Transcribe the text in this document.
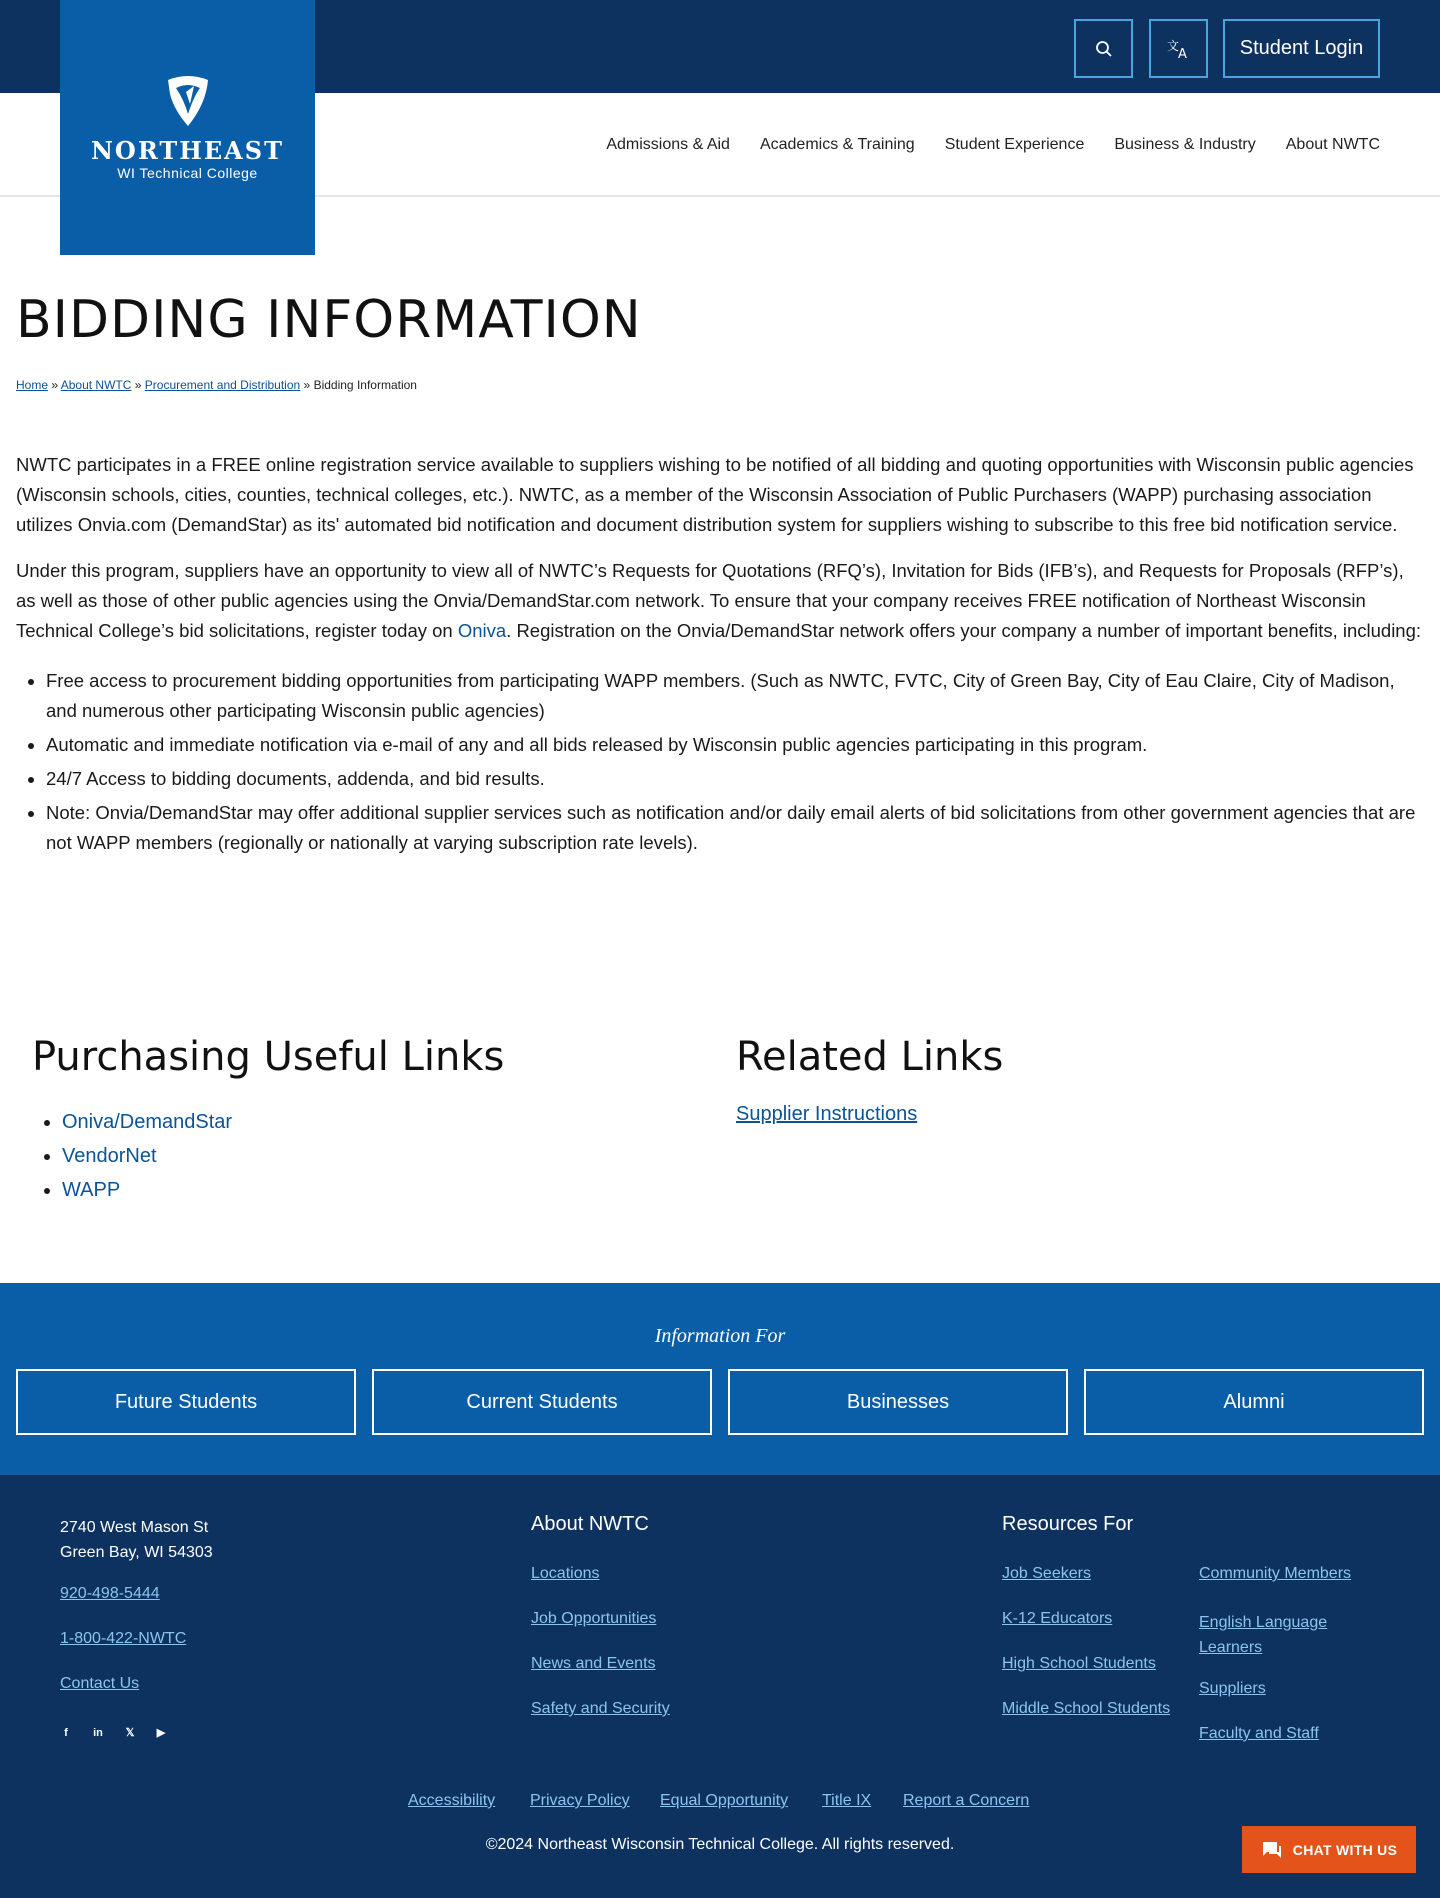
文
A	Student Login
NORTHEAST
WI Technical College
Admissions & Aid Academics & Training Student Experience Business & Industry About NWTC
BIDDING INFORMATION
Home » About NWTC » Procurement and Distribution » Bidding Information

NWTC participates in a FREE online registration service available to suppliers wishing to be notified of all bidding and quoting opportunities with Wisconsin public agencies (Wisconsin schools, cities, counties, technical colleges, etc.). NWTC, as a member of the Wisconsin Association of Public Purchasers (WAPP) purchasing association utilizes Onvia.com (DemandStar) as its' automated bid notification and document distribution system for suppliers wishing to subscribe to this free bid notification service.

Under this program, suppliers have an opportunity to view all of NWTC’s Requests for Quotations (RFQ’s), Invitation for Bids (IFB’s), and Requests for Proposals (RFP’s), as well as those of other public agencies using the Onvia/DemandStar.com network. To ensure that your company receives FREE notification of Northeast Wisconsin Technical College’s bid solicitations, register today on Oniva. Registration on the Onvia/DemandStar network offers your company a number of important benefits, including:

• Free access to procurement bidding opportunities from participating WAPP members. (Such as NWTC, FVTC, City of Green Bay, City of Eau Claire, City of Madison, and numerous other participating Wisconsin public agencies)
• Automatic and immediate notification via e-mail of any and all bids released by Wisconsin public agencies participating in this program.
• 24/7 Access to bidding documents, addenda, and bid results.
• Note: Onvia/DemandStar may offer additional supplier services such as notification and/or daily email alerts of bid solicitations from other government agencies that are not WAPP members (regionally or nationally at varying subscription rate levels).
Purchasing Useful Links
• Oniva/DemandStar
• VendorNet
• WAPP
Related Links
Supplier Instructions
Information For
Future Students	Current Students	Businesses	Alumni
2740 West Mason St
Green Bay, WI 54303
920-498-5444
1-800-422-NWTC
Contact Us
f	in 𝕏 ▶
About NWTC
Locations
Job Opportunities
News and Events
Safety and Security
Resources For
Job Seekers
K-12 Educators
High School Students
Middle School Students
Community Members
English Language Learners
Suppliers
Faculty and Staff
Accessibility Privacy Policy Equal Opportunity Title IX Report a Concern
©2024 Northeast Wisconsin Technical College. All rights reserved.	CHAT WITH US
